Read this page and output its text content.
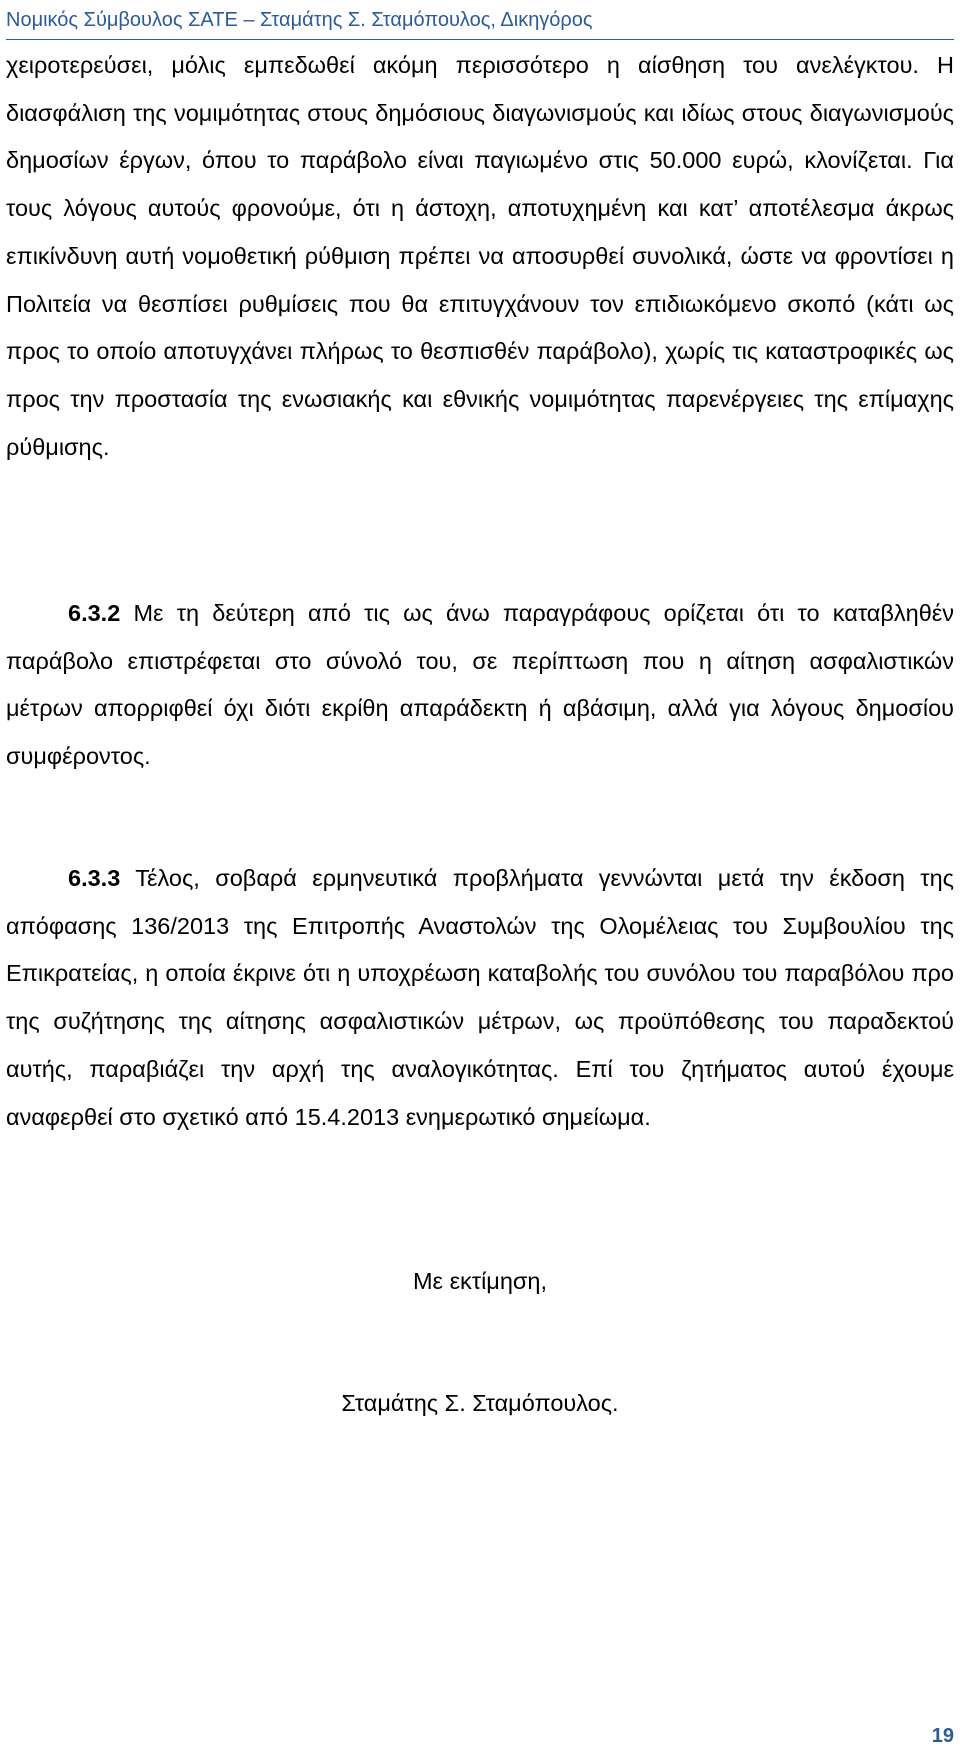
Νομικός Σύμβουλος ΣΑΤΕ – Σταμάτης Σ. Σταμόπουλος, Δικηγόρος

χειροτερεύσει, μόλις εμπεδωθεί ακόμη περισσότερο η αίσθηση του ανελέγκτου. Η διασφάλιση της νομιμότητας στους δημόσιους διαγωνισμούς και ιδίως στους διαγωνισμούς δημοσίων έργων, όπου το παράβολο είναι παγιωμένο στις 50.000 ευρώ, κλονίζεται. Για τους λόγους αυτούς φρονούμε, ότι η άστοχη, αποτυχημένη και κατ’ αποτέλεσμα άκρως επικίνδυνη αυτή νομοθετική ρύθμιση πρέπει να αποσυρθεί συνολικά, ώστε να φροντίσει η Πολιτεία να θεσπίσει ρυθμίσεις που θα επιτυγχάνουν τον επιδιωκόμενο σκοπό (κάτι ως προς το οποίο αποτυγχάνει πλήρως το θεσπισθέν παράβολο), χωρίς τις καταστροφικές ως προς την προστασία της ενωσιακής και εθνικής νομιμότητας παρενέργειες της επίμαχης ρύθμισης.

6.3.2 Με τη δεύτερη από τις ως άνω παραγράφους ορίζεται ότι το καταβληθέν παράβολο επιστρέφεται στο σύνολό του, σε περίπτωση που η αίτηση ασφαλιστικών μέτρων απορριφθεί όχι διότι εκρίθη απαράδεκτη ή αβάσιμη, αλλά για λόγους δημοσίου συμφέροντος.

6.3.3 Τέλος, σοβαρά ερμηνευτικά προβλήματα γεννώνται μετά την έκδοση της απόφασης 136/2013 της Επιτροπής Αναστολών της Ολομέλειας του Συμβουλίου της Επικρατείας, η οποία έκρινε ότι η υποχρέωση καταβολής του συνόλου του παραβόλου προ της συζήτησης της αίτησης ασφαλιστικών μέτρων, ως προϋπόθεσης του παραδεκτού αυτής, παραβιάζει την αρχή της αναλογικότητας. Επί του ζητήματος αυτού έχουμε αναφερθεί στο σχετικό από 15.4.2013 ενημερωτικό σημείωμα.

Με εκτίμηση,
Σταμάτης Σ. Σταμόπουλος.
19
